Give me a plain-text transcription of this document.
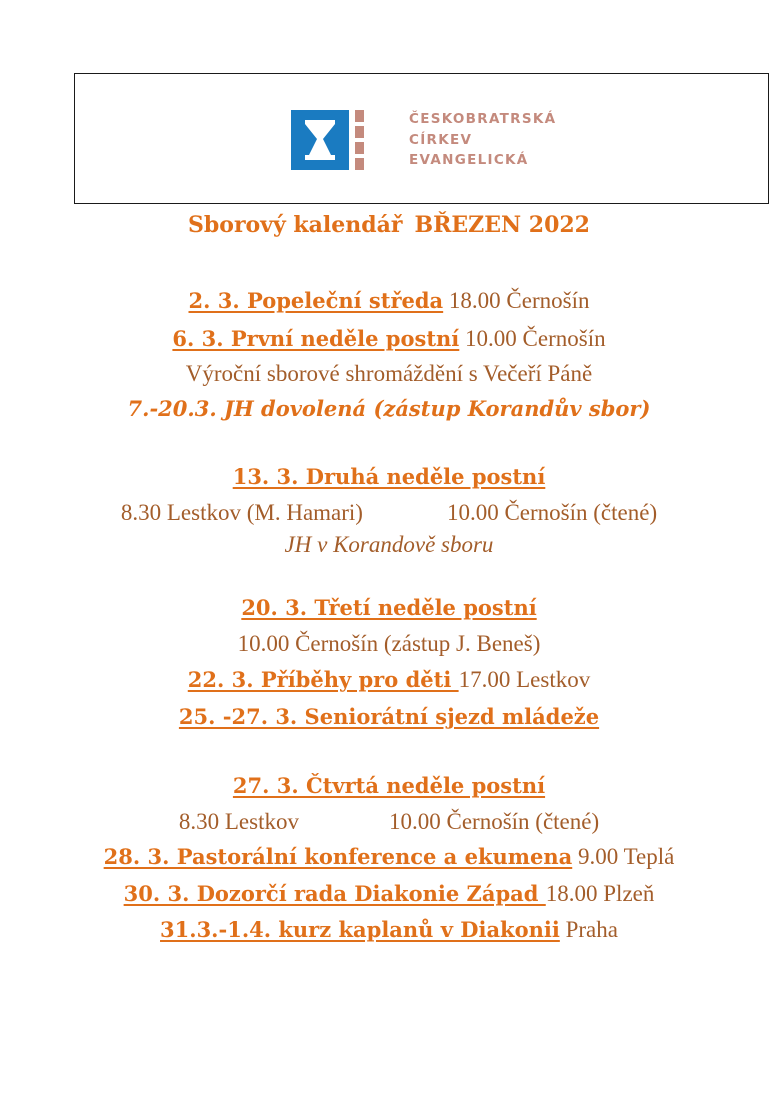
ČESKOBRATRSKÁ
CÍRKEV
EVANGELICKÁ
Sborový kalendář BŘEZEN 2022
2. 3. Popeleční středa 18.00 Černošín
6. 3. První neděle postní 10.00 Černošín
Výroční sborové shromáždění s Večeří Páně
7.-20.3. JH dovolená (zástup Korandův sbor)
13. 3. Druhá neděle postní
8.30 Lestkov (M. Hamari)	10.00 Černošín (čtené)
JH v Korandově sboru
20. 3. Třetí neděle postní
10.00 Černošín (zástup J. Beneš)
22. 3. Příběhy pro děti 17.00 Lestkov
25. -27. 3. Seniorátní sjezd mládeže
27. 3. Čtvrtá neděle postní
8.30 Lestkov	10.00 Černošín (čtené)
28. 3. Pastorální konference a ekumena 9.00 Teplá
30. 3. Dozorčí rada Diakonie Západ 18.00 Plzeň
31.3.-1.4. kurz kaplanů v Diakonii Praha
